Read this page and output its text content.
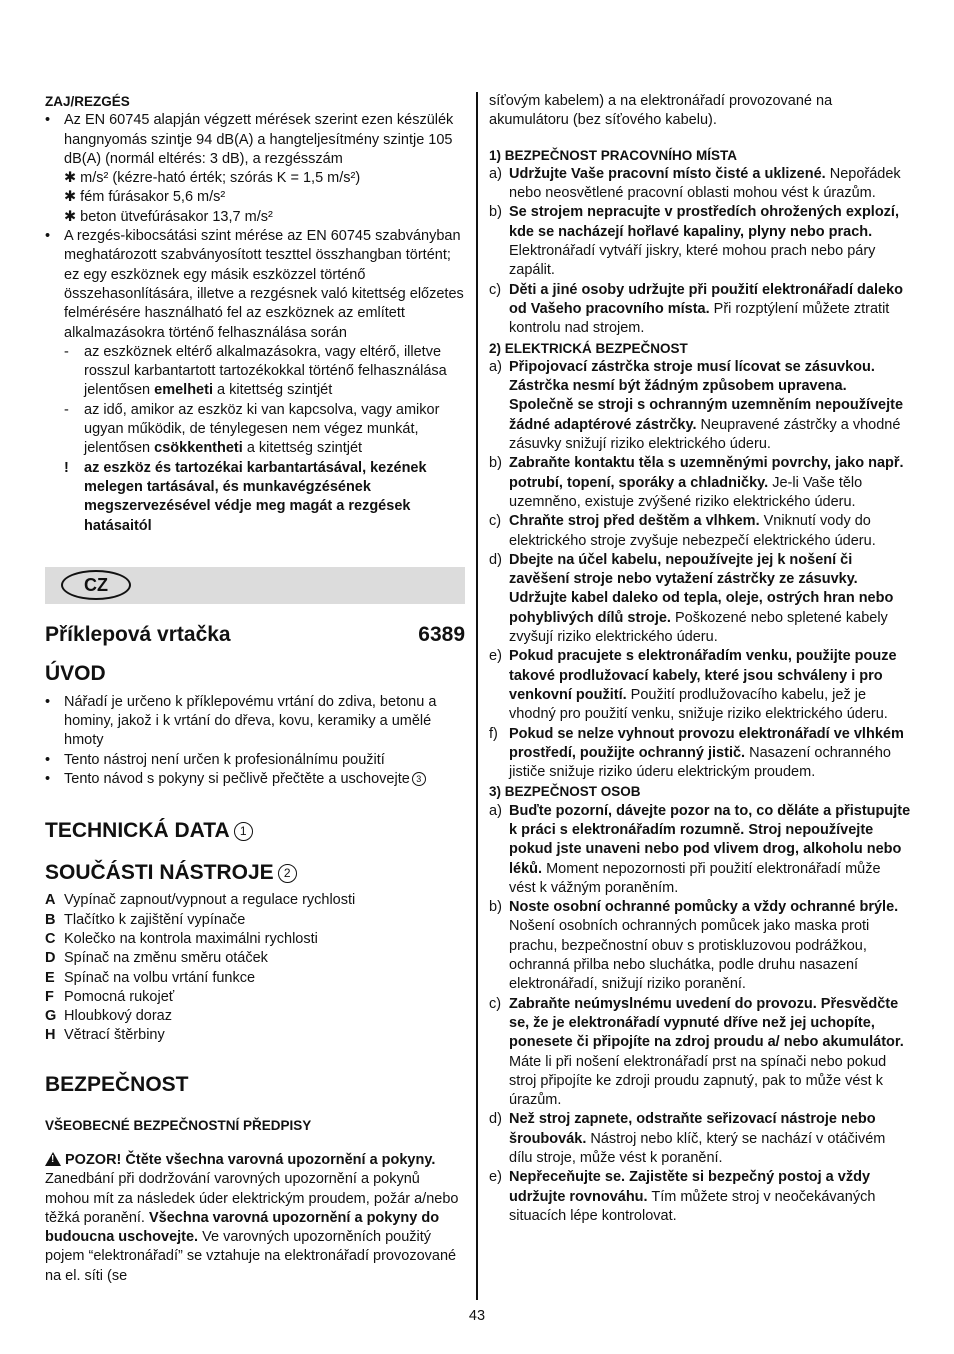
ZAJ/REZGÉS

• Az EN 60745 alapján végzett mérések szerint ezen készülék hangnyomás szintje 94 dB(A) a hangteljesítmény szintje 105 dB(A) (normál eltérés: 3 dB), a rezgésszám

✱ m/s² (kézre-ható érték; szórás K = 1,5 m/s²)

✱ fém fúrásakor 5,6 m/s²

✱ beton ütvefúrásakor 13,7 m/s²

• A rezgés-kibocsátási szint mérése az EN 60745 szabványban meghatározott szabványosított teszttel összhangban történt; ez egy eszköznek egy másik eszközzel történő összehasonlítására, illetve a rezgésnek való kitettség előzetes felmérésére használható fel az eszköznek az említett alkalmazásokra történő felhasználása során

- az eszköznek eltérő alkalmazásokra, vagy eltérő, illetve rosszul karbantartott tartozékokkal történő felhasználása jelentősen emelheti a kitettség szintjét

- az idő, amikor az eszköz ki van kapcsolva, vagy amikor ugyan működik, de ténylegesen nem végez munkát, jelentősen csökkentheti a kitettség szintjét

! az eszköz és tartozékai karbantartásával, kezének melegen tartásával, és munkavégzésének megszervezésével védje meg magát a rezgések hatásaitól

CZ
Příklepová vrtačka	6389
ÚVOD

• Nářadí je určeno k příklepovému vrtání do zdiva, betonu a hominy, jakož i k vrtání do dřeva, kovu, keramiky a umělé hmoty

• Tento nástroj není určen k profesionálnímu použití

• Tento návod s pokyny si pečlivě přečtěte a uschovejte 3

TECHNICKÁ DATA 1
SOUČÁSTI NÁSTROJE 2

A Vypínač zapnout/vypnout a regulace rychlosti

B Tlačítko k zajištění vypínače

C Kolečko na kontrola maximálni rychlosti

D Spínač na změnu směru otáček

E Spínač na volbu vrtání funkce

F Pomocná rukojeť

G Hloubkový doraz

H Větrací štěrbiny

BEZPEČNOST

VŠEOBECNÉ BEZPEČNOSTNÍ PŘEDPISY

!POZOR! Čtěte všechna varovná upozornění a pokyny. Zanedbání při dodržování varovných upozornění a pokynů mohou mít za následek úder elektrickým proudem, požár a/nebo těžká poranění. Všechna varovná upozornění a pokyny do budoucna uschovejte. Ve varovných upozorněních použitý pojem “elektronářadí” se vztahuje na elektronářadí provozované na el. síti (se

síťovým kabelem) a na elektronářadí provozované na akumulátoru (bez síťového kabelu).

1) BEZPEČNOST PRACOVNÍHO MÍSTA

a) Udržujte Vaše pracovní místo čisté a uklizené. Nepořádek nebo neosvětlené pracovní oblasti mohou vést k úrazům.

b) Se strojem nepracujte v prostředích ohrožených explozí, kde se nacházejí hořlavé kapaliny, plyny nebo prach. Elektronářadí vytváří jiskry, které mohou prach nebo páry zapálit.

c) Děti a jiné osoby udržujte při použití elektronářadí daleko od Vašeho pracovního místa. Při rozptýlení můžete ztratit kontrolu nad strojem.

2) ELEKTRICKÁ BEZPEČNOST

a) Připojovací zástrčka stroje musí lícovat se zásuvkou. Zástrčka nesmí být žádným způsobem upravena. Společně se stroji s ochranným uzemněním nepoužívejte žádné adaptérové zástrčky. Neupravené zástrčky a vhodné zásuvky snižují riziko elektrického úderu.

b) Zabraňte kontaktu těla s uzemněnými povrchy, jako např. potrubí, topení, sporáky a chladničky. Je-li Vaše tělo uzemněno, existuje zvýšené riziko elektrického úderu.

c) Chraňte stroj před deštěm a vlhkem. Vniknutí vody do elektrického stroje zvyšuje nebezpečí elektrického úderu.

d) Dbejte na účel kabelu, nepoužívejte jej k nošení či zavěšení stroje nebo vytažení zástrčky ze zásuvky. Udržujte kabel daleko od tepla, oleje, ostrých hran nebo pohyblivých dílů stroje. Poškozené nebo spletené kabely zvyšují riziko elektrického úderu.

e) Pokud pracujete s elektronářadím venku, použijte pouze takové prodlužovací kabely, které jsou schváleny i pro venkovní použití. Použití prodlužovacího kabelu, jež je vhodný pro použití venku, snižuje riziko elektrického úderu.

f) Pokud se nelze vyhnout provozu elektronářadí ve vlhkém prostředí, použijte ochranný jistič. Nasazení ochranného jističe snižuje riziko úderu elektrickým proudem.

3) BEZPEČNOST OSOB

a) Buďte pozorní, dávejte pozor na to, co děláte a přistupujte k práci s elektronářadím rozumně. Stroj nepoužívejte pokud jste unaveni nebo pod vlivem drog, alkoholu nebo léků. Moment nepozornosti při použití elektronářadí může vést k vážným poraněním.

b) Noste osobní ochranné pomůcky a vždy ochranné brýle. Nošení osobních ochranných pomůcek jako maska proti prachu, bezpečnostní obuv s protiskluzovou podrážkou, ochranná přilba nebo sluchátka, podle druhu nasazení elektronářadí, snižují riziko poranění.

c) Zabraňte neúmyslnému uvedení do provozu. Přesvědčte se, že je elektronářadí vypnuté dříve než jej uchopíte, ponesete či připojíte na zdroj proudu a/ nebo akumulátor. Máte li při nošení elektronářadí prst na spínači nebo pokud stroj připojíte ke zdroji proudu zapnutý, pak to může vést k úrazům.

d) Než stroj zapnete, odstraňte seřizovací nástroje nebo šroubovák. Nástroj nebo klíč, který se nachází v otáčivém dílu stroje, může vést k poranění.

e) Nepřeceňujte se. Zajistěte si bezpečný postoj a vždy udržujte rovnováhu. Tím můžete stroj v neočekávaných situacích lépe kontrolovat.

43
